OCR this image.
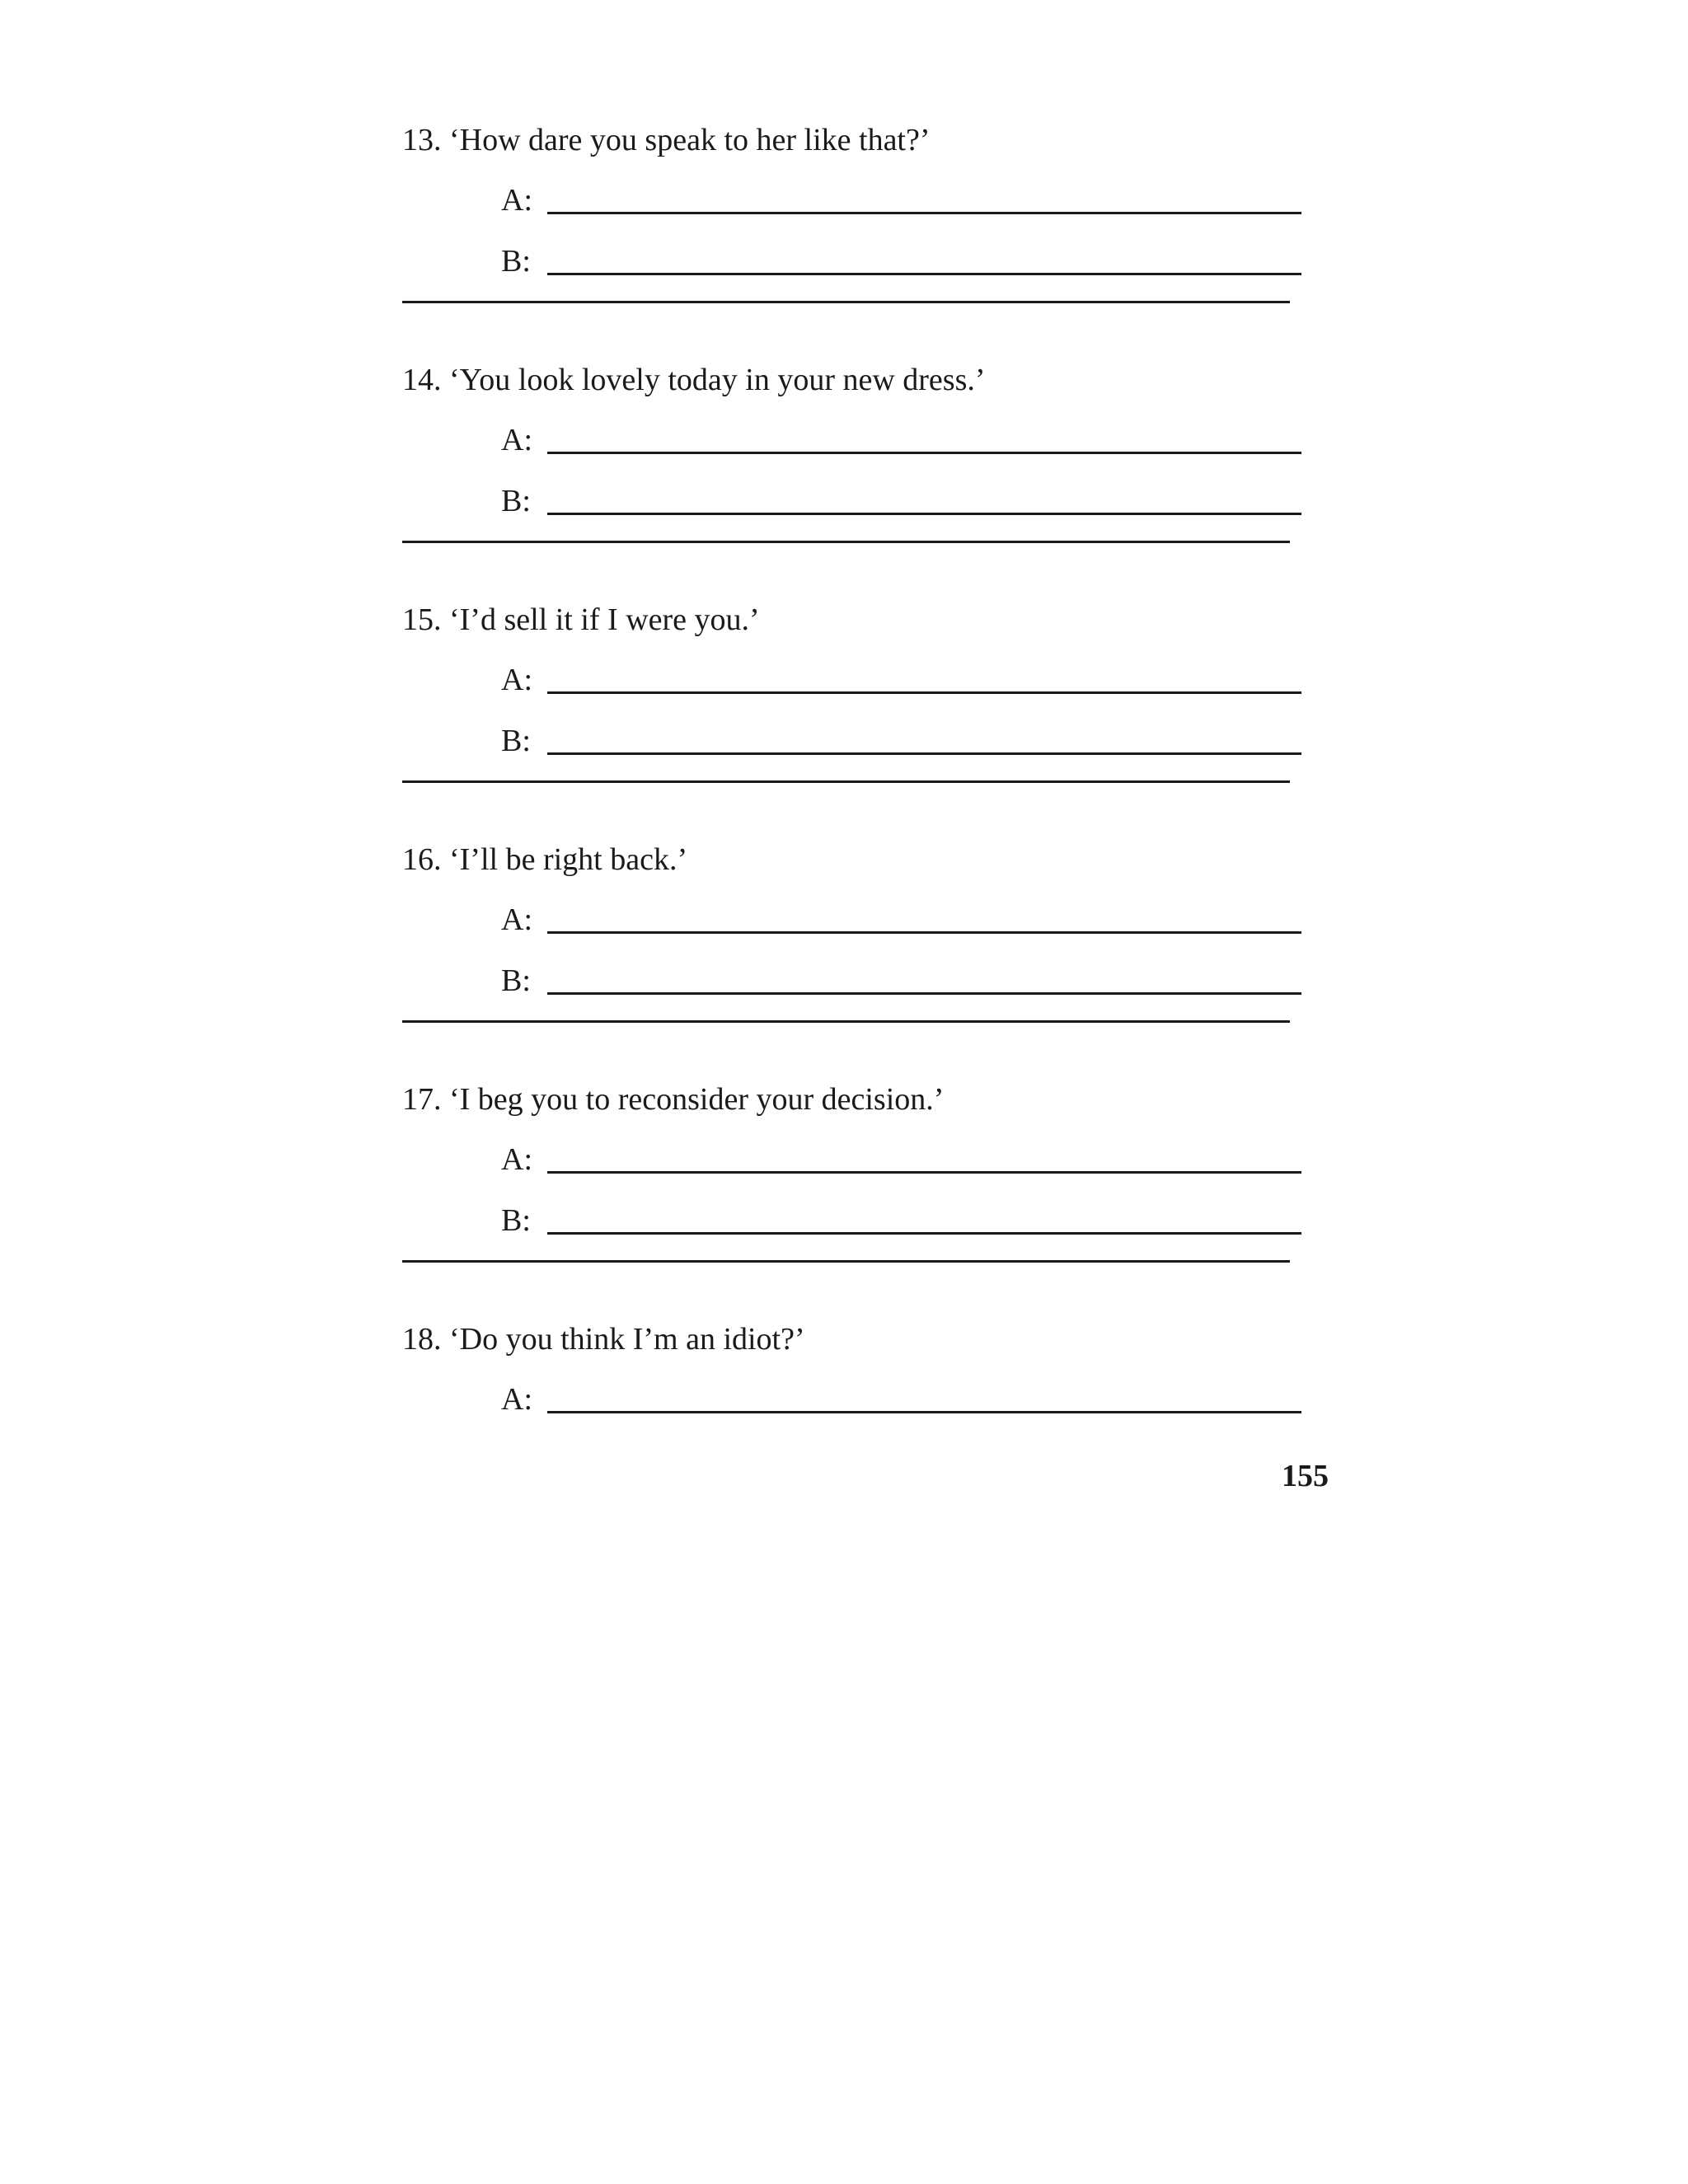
13. ‘How dare you speak to her like that?’
A:
B:
14. ‘You look lovely today in your new dress.’
A:
B:
15. ‘I’d sell it if I were you.’
A:
B:
16. ‘I’ll be right back.’
A:
B:
17. ‘I beg you to reconsider your decision.’
A:
B:
18. ‘Do you think I’m an idiot?’
A:
155
